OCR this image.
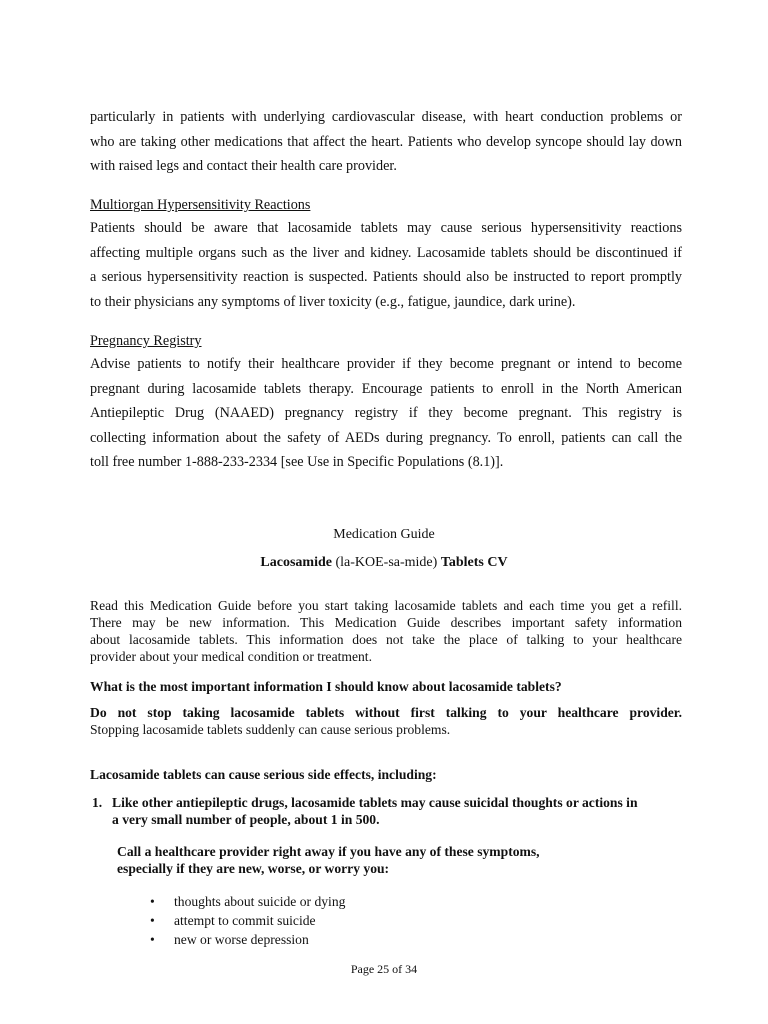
particularly in patients with underlying cardiovascular disease, with heart conduction problems or
who are taking other medications that affect the heart. Patients who develop syncope should lay down
with raised legs and contact their health care provider.
Multiorgan Hypersensitivity Reactions
Patients should be aware that lacosamide tablets may cause serious hypersensitivity reactions
affecting multiple organs such as the liver and kidney. Lacosamide tablets should be discontinued if
a serious hypersensitivity reaction is suspected. Patients should also be instructed to report promptly
to their physicians any symptoms of liver toxicity (e.g., fatigue, jaundice, dark urine).
Pregnancy Registry
Advise patients to notify their healthcare provider if they become pregnant or intend to become
pregnant during lacosamide tablets therapy. Encourage patients to enroll in the North American
Antiepileptic Drug (NAAED) pregnancy registry if they become pregnant. This registry is
collecting information about the safety of AEDs during pregnancy. To enroll, patients can call the
toll free number 1-888-233-2334 [see Use in Specific Populations (8.1)].
Medication Guide
Lacosamide (la-KOE-sa-mide) Tablets CV
Read this Medication Guide before you start taking lacosamide tablets and each time you get a refill.
There may be new information. This Medication Guide describes important safety information
about lacosamide tablets. This information does not take the place of talking to your healthcare
provider about your medical condition or treatment.
What is the most important information I should know about lacosamide tablets?
Do not stop taking lacosamide tablets without first talking to your healthcare provider.
Stopping lacosamide tablets suddenly can cause serious problems.
Lacosamide tablets can cause serious side effects, including:
1. Like other antiepileptic drugs, lacosamide tablets may cause suicidal thoughts or actions in
a very small number of people, about 1 in 500.
Call a healthcare provider right away if you have any of these symptoms,
especially if they are new, worse, or worry you:
• thoughts about suicide or dying
• attempt to commit suicide
• new or worse depression
Page 25 of 34
